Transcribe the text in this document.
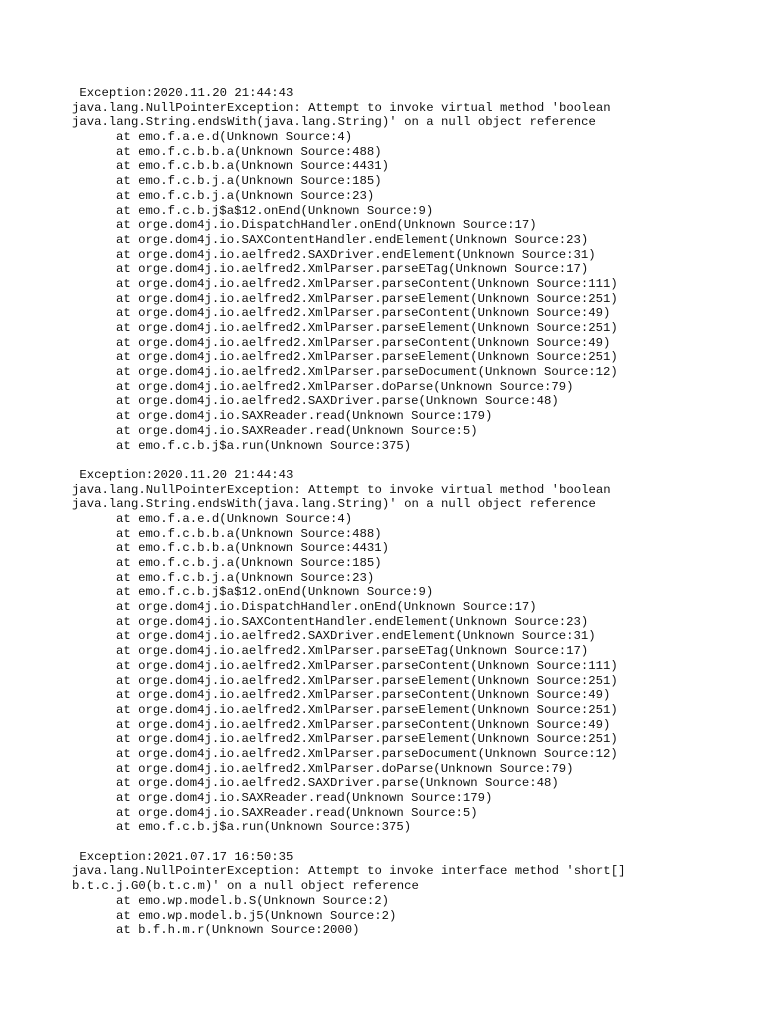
Exception:2020.11.20 21:44:43
java.lang.NullPointerException: Attempt to invoke virtual method 'boolean
java.lang.String.endsWith(java.lang.String)' on a null object reference
at emo.f.a.e.d(Unknown Source:4)
at emo.f.c.b.b.a(Unknown Source:488)
at emo.f.c.b.b.a(Unknown Source:4431)
at emo.f.c.b.j.a(Unknown Source:185)
at emo.f.c.b.j.a(Unknown Source:23)
at emo.f.c.b.j$a$12.onEnd(Unknown Source:9)
at orge.dom4j.io.DispatchHandler.onEnd(Unknown Source:17)
at orge.dom4j.io.SAXContentHandler.endElement(Unknown Source:23)
at orge.dom4j.io.aelfred2.SAXDriver.endElement(Unknown Source:31)
at orge.dom4j.io.aelfred2.XmlParser.parseETag(Unknown Source:17)
at orge.dom4j.io.aelfred2.XmlParser.parseContent(Unknown Source:111)
at orge.dom4j.io.aelfred2.XmlParser.parseElement(Unknown Source:251)
at orge.dom4j.io.aelfred2.XmlParser.parseContent(Unknown Source:49)
at orge.dom4j.io.aelfred2.XmlParser.parseElement(Unknown Source:251)
at orge.dom4j.io.aelfred2.XmlParser.parseContent(Unknown Source:49)
at orge.dom4j.io.aelfred2.XmlParser.parseElement(Unknown Source:251)
at orge.dom4j.io.aelfred2.XmlParser.parseDocument(Unknown Source:12)
at orge.dom4j.io.aelfred2.XmlParser.doParse(Unknown Source:79)
at orge.dom4j.io.aelfred2.SAXDriver.parse(Unknown Source:48)
at orge.dom4j.io.SAXReader.read(Unknown Source:179)
at orge.dom4j.io.SAXReader.read(Unknown Source:5)
at emo.f.c.b.j$a.run(Unknown Source:375)
Exception:2020.11.20 21:44:43
java.lang.NullPointerException: Attempt to invoke virtual method 'boolean
java.lang.String.endsWith(java.lang.String)' on a null object reference
at emo.f.a.e.d(Unknown Source:4)
at emo.f.c.b.b.a(Unknown Source:488)
at emo.f.c.b.b.a(Unknown Source:4431)
at emo.f.c.b.j.a(Unknown Source:185)
at emo.f.c.b.j.a(Unknown Source:23)
at emo.f.c.b.j$a$12.onEnd(Unknown Source:9)
at orge.dom4j.io.DispatchHandler.onEnd(Unknown Source:17)
at orge.dom4j.io.SAXContentHandler.endElement(Unknown Source:23)
at orge.dom4j.io.aelfred2.SAXDriver.endElement(Unknown Source:31)
at orge.dom4j.io.aelfred2.XmlParser.parseETag(Unknown Source:17)
at orge.dom4j.io.aelfred2.XmlParser.parseContent(Unknown Source:111)
at orge.dom4j.io.aelfred2.XmlParser.parseElement(Unknown Source:251)
at orge.dom4j.io.aelfred2.XmlParser.parseContent(Unknown Source:49)
at orge.dom4j.io.aelfred2.XmlParser.parseElement(Unknown Source:251)
at orge.dom4j.io.aelfred2.XmlParser.parseContent(Unknown Source:49)
at orge.dom4j.io.aelfred2.XmlParser.parseElement(Unknown Source:251)
at orge.dom4j.io.aelfred2.XmlParser.parseDocument(Unknown Source:12)
at orge.dom4j.io.aelfred2.XmlParser.doParse(Unknown Source:79)
at orge.dom4j.io.aelfred2.SAXDriver.parse(Unknown Source:48)
at orge.dom4j.io.SAXReader.read(Unknown Source:179)
at orge.dom4j.io.SAXReader.read(Unknown Source:5)
at emo.f.c.b.j$a.run(Unknown Source:375)
Exception:2021.07.17 16:50:35
java.lang.NullPointerException: Attempt to invoke interface method 'short[]
b.t.c.j.G0(b.t.c.m)' on a null object reference
at emo.wp.model.b.S(Unknown Source:2)
at emo.wp.model.b.j5(Unknown Source:2)
at b.f.h.m.r(Unknown Source:2000)
